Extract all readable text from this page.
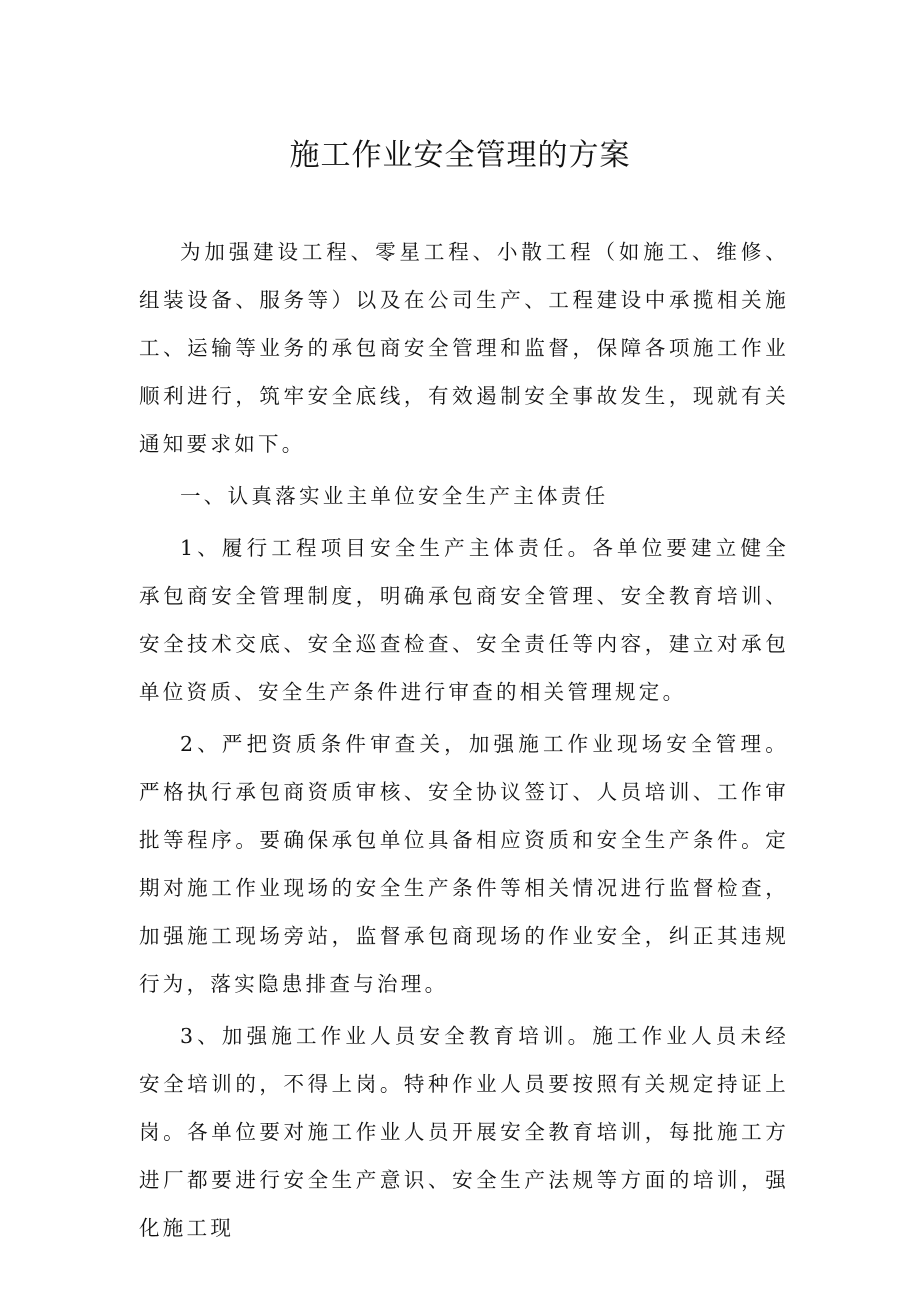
施工作业安全管理的方案

为加强建设工程、零星工程、小散工程（如施工、维修、组装设备、服务等）以及在公司生产、工程建设中承揽相关施工、运输等业务的承包商安全管理和监督，保障各项施工作业顺利进行，筑牢安全底线，有效遏制安全事故发生，现就有关通知要求如下。

一、认真落实业主单位安全生产主体责任

1、履行工程项目安全生产主体责任。各单位要建立健全承包商安全管理制度，明确承包商安全管理、安全教育培训、安全技术交底、安全巡查检查、安全责任等内容，建立对承包单位资质、安全生产条件进行审查的相关管理规定。

2、严把资质条件审查关，加强施工作业现场安全管理。严格执行承包商资质审核、安全协议签订、人员培训、工作审批等程序。要确保承包单位具备相应资质和安全生产条件。定期对施工作业现场的安全生产条件等相关情况进行监督检查，加强施工现场旁站，监督承包商现场的作业安全，纠正其违规行为，落实隐患排查与治理。

3、加强施工作业人员安全教育培训。施工作业人员未经安全培训的，不得上岗。特种作业人员要按照有关规定持证上岗。各单位要对施工作业人员开展安全教育培训，每批施工方进厂都要进行安全生产意识、安全生产法规等方面的培训，强化施工现
